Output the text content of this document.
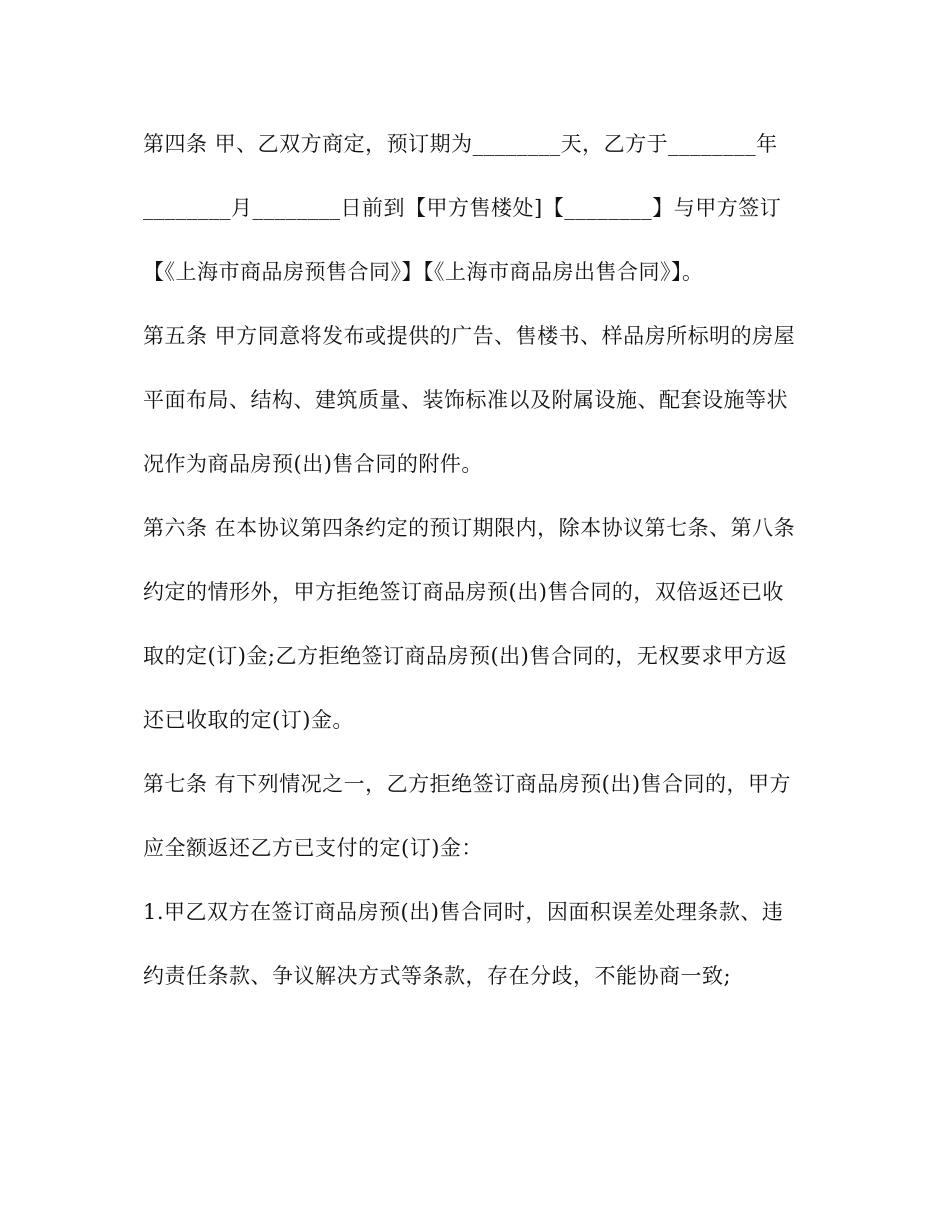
第四条 甲、乙双方商定，预订期为________天，乙方于________年
________月________日前到【甲方售楼处]【________】与甲方签订
【《上海市商品房预售合同》】【《上海市商品房出售合同》】。
第五条 甲方同意将发布或提供的广告、售楼书、样品房所标明的房屋
平面布局、结构、建筑质量、装饰标准以及附属设施、配套设施等状
况作为商品房预(出)售合同的附件。
第六条 在本协议第四条约定的预订期限内，除本协议第七条、第八条
约定的情形外，甲方拒绝签订商品房预(出)售合同的，双倍返还已收
取的定(订)金;乙方拒绝签订商品房预(出)售合同的，无权要求甲方返
还已收取的定(订)金。
第七条 有下列情况之一，乙方拒绝签订商品房预(出)售合同的，甲方
应全额返还乙方已支付的定(订)金：
1.甲乙双方在签订商品房预(出)售合同时，因面积误差处理条款、违
约责任条款、争议解决方式等条款，存在分歧，不能协商一致;
